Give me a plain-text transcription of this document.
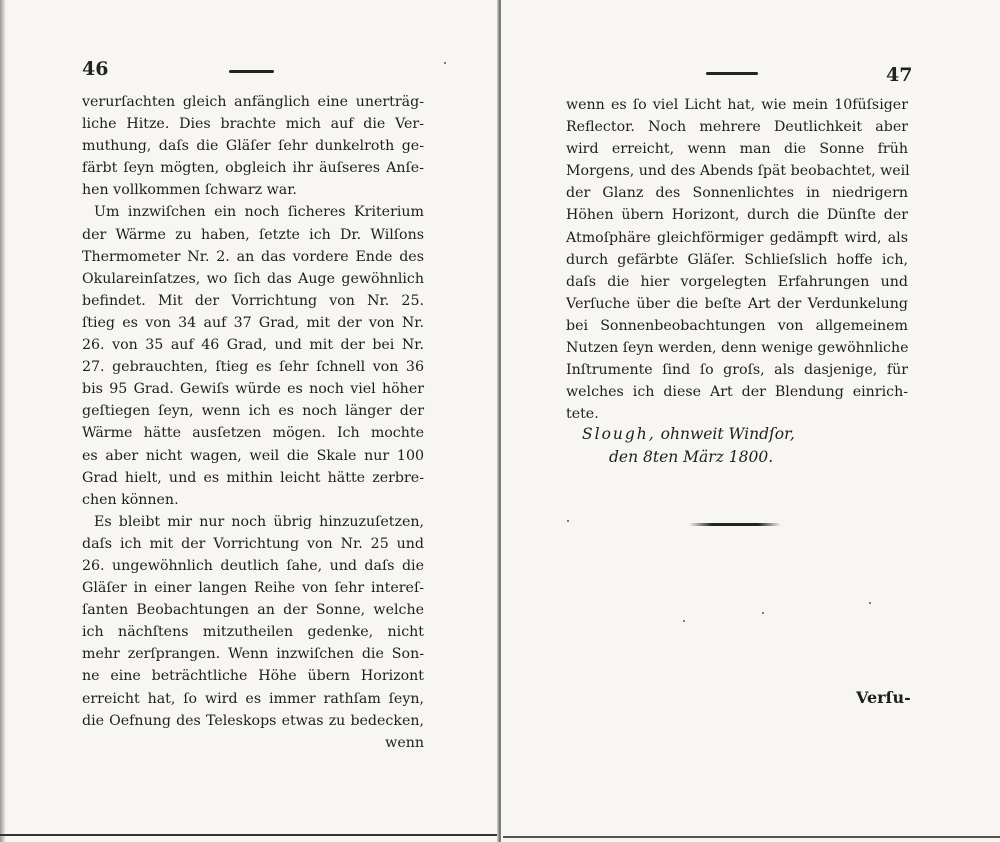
46
verurſachten gleich anfänglich eine unerträg-
liche Hitze. Dies brachte mich auf die Ver-
muthung, daſs die Gläſer ſehr dunkelroth ge-
färbt ſeyn mögten, obgleich ihr äuſseres Anſe-
hen vollkommen ſchwarz war.
Um inzwiſchen ein noch ſicheres Kriterium
der Wärme zu haben, ſetzte ich Dr. Wilſons
Thermometer Nr. 2. an das vordere Ende des
Okulareinſatzes, wo ſich das Auge gewöhnlich
befindet. Mit der Vorrichtung von Nr. 25.
ſtieg es von 34 auf 37 Grad, mit der von Nr.
26. von 35 auf 46 Grad, und mit der bei Nr.
27. gebrauchten, ſtieg es ſehr ſchnell von 36
bis 95 Grad. Gewiſs würde es noch viel höher
geſtiegen ſeyn, wenn ich es noch länger der
Wärme hätte ausſetzen mögen. Ich mochte
es aber nicht wagen, weil die Skale nur 100
Grad hielt, und es mithin leicht hätte zerbre-
chen können.
Es bleibt mir nur noch übrig hinzuzuſetzen,
daſs ich mit der Vorrichtung von Nr. 25 und
26. ungewöhnlich deutlich ſahe, und daſs die
Gläſer in einer langen Reihe von ſehr intereſ-
ſanten Beobachtungen an der Sonne, welche
ich nächſtens mitzutheilen gedenke, nicht
mehr zerſprangen. Wenn inzwiſchen die Son-
ne eine beträchtliche Höhe übern Horizont
erreicht hat, ſo wird es immer rathſam ſeyn,
die Oefnung des Teleskops etwas zu bedecken,
wenn
47
wenn es ſo viel Licht hat, wie mein 10füſsiger
Reflector. Noch mehrere Deutlichkeit aber
wird erreicht, wenn man die Sonne früh
Morgens, und des Abends ſpät beobachtet, weil
der Glanz des Sonnenlichtes in niedrigern
Höhen übern Horizont, durch die Dünſte der
Atmoſphäre gleichförmiger gedämpft wird, als
durch gefärbte Gläſer. Schlieſslich hoffe ich,
daſs die hier vorgelegten Erfahrungen und
Verſuche über die beſte Art der Verdunkelung
bei Sonnenbeobachtungen von allgemeinem
Nutzen ſeyn werden, denn wenige gewöhnliche
Inſtrumente ſind ſo groſs, als dasjenige, für
welches ich diese Art der Blendung einrich-
tete.
Slough, ohnweit Windſor,
den 8ten März 1800.
Verſu-
